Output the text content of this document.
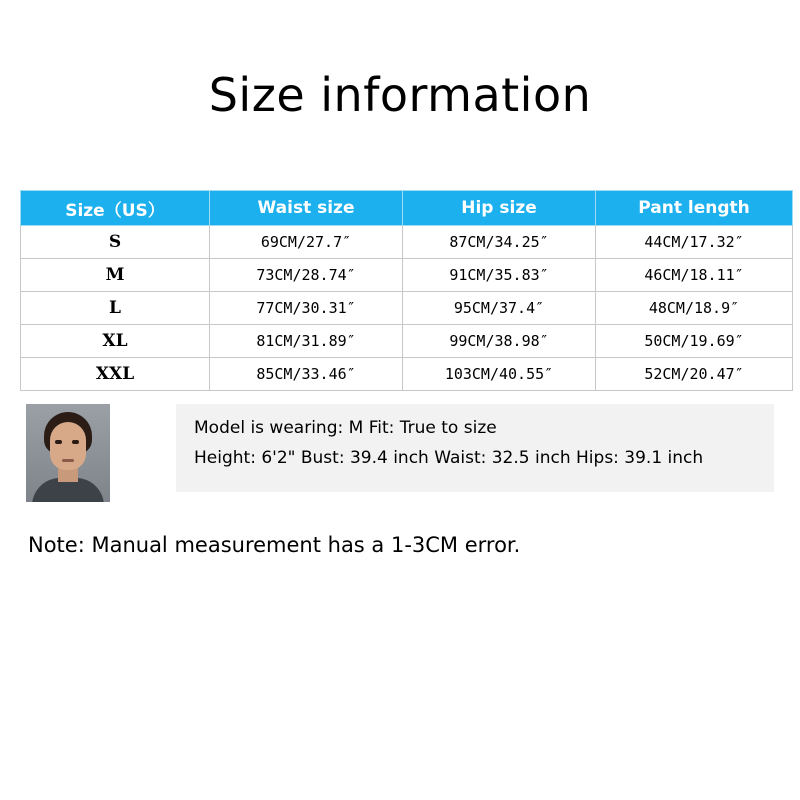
Size information
Size（US）	Waist size	Hip size	Pant length
S	69CM/27.7″	87CM/34.25″	44CM/17.32″
M	73CM/28.74″	91CM/35.83″	46CM/18.11″
L	77CM/30.31″	95CM/37.4″	48CM/18.9″
XL	81CM/31.89″	99CM/38.98″	50CM/19.69″
XXL	85CM/33.46″	103CM/40.55″	52CM/20.47″

Model is wearing: M Fit: True to size

Height: 6'2" Bust: 39.4 inch Waist: 32.5 inch Hips: 39.1 inch

Note: Manual measurement has a 1-3CM error.
